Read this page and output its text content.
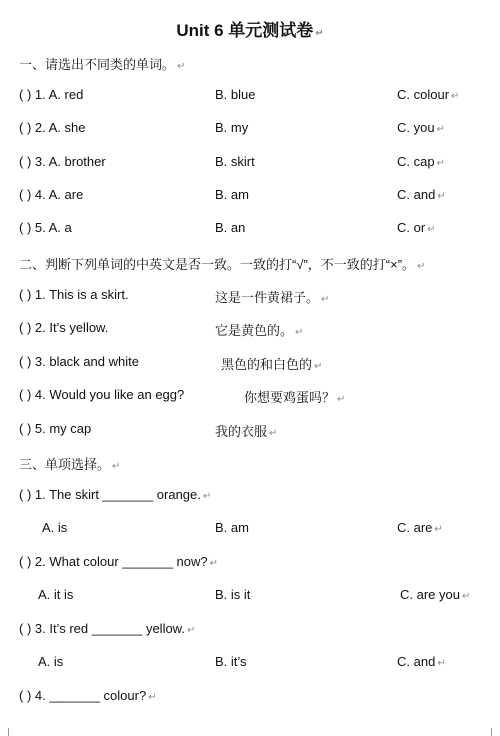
Unit 6 单元测试卷 ↵
一、请选出不同类的单词。 ↵
( ) 1. A. red	B. blue	C. colour ↵
( ) 2. A. she	B. my	C. you ↵
( ) 3. A. brother	B. skirt	C. cap ↵
( ) 4. A. are	B. am	C. and ↵
( ) 5. A. a	B. an	C. or ↵
二、判断下列单词的中英文是否一致。一致的打“√”，不一致的打“×”。 ↵
( ) 1. This is a skirt.	这是一件黄裙子。 ↵
( ) 2. It’s yellow.	它是黄色的。 ↵
( ) 3. black and white	黑色的和白色的 ↵
( ) 4. Would you like an egg?	你想要鸡蛋吗？ ↵
( ) 5. my cap	我的衣服 ↵
三、单项选择。 ↵
( ) 1. The skirt _______ orange. ↵
A. is	B. am	C. are ↵
( ) 2. What colour _______ now? ↵
A. it is	B. is it	C. are you ↵
( ) 3. It’s red _______ yellow. ↵
A. is	B. it’s	C. and ↵
( ) 4. _______ colour? ↵
